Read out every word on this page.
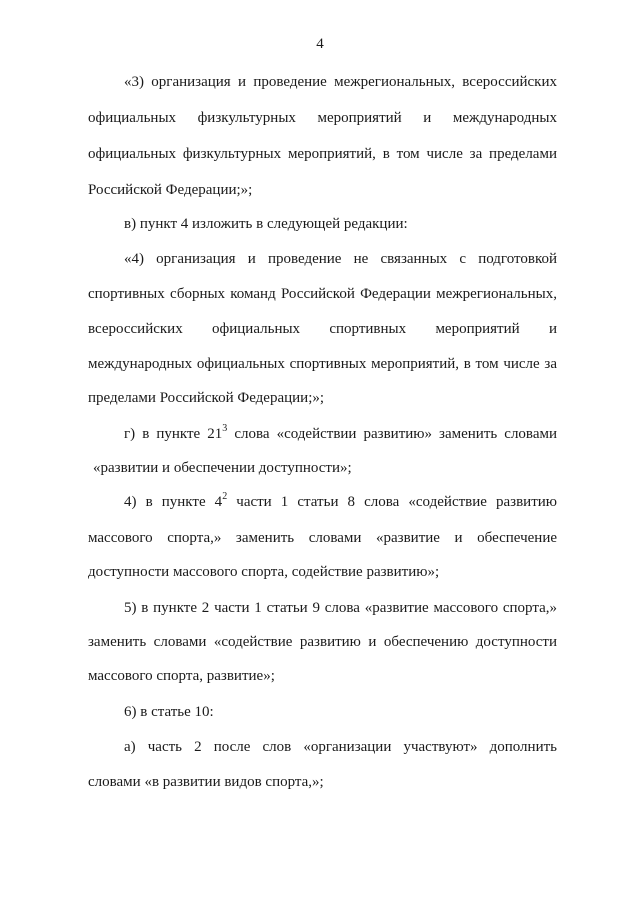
4
«3) организация и проведение межрегиональных, всероссийских
официальных физкультурных мероприятий и международных
официальных физкультурных мероприятий, в том числе за пределами
Российской Федерации;»;
в) пункт 4 изложить в следующей редакции:
«4) организация и проведение не связанных с подготовкой
спортивных сборных команд Российской Федерации межрегиональных,
всероссийских официальных спортивных мероприятий и
международных официальных спортивных мероприятий, в том числе за
пределами Российской Федерации;»;
г) в пункте $21^3$ слова «содействии развитию» заменить словами
«развитии и обеспечении доступности»;
4) в пункте $4^2$ части 1 статьи 8 слова «содействие развитию
массового спорта,» заменить словами «развитие и обеспечение
доступности массового спорта, содействие развитию»;
5) в пункте 2 части 1 статьи 9 слова «развитие массового спорта,»
заменить словами «содействие развитию и обеспечению доступности
массового спорта, развитие»;
6) в статье 10:
а) часть 2 после слов «организации участвуют» дополнить
словами «в развитии видов спорта,»;
